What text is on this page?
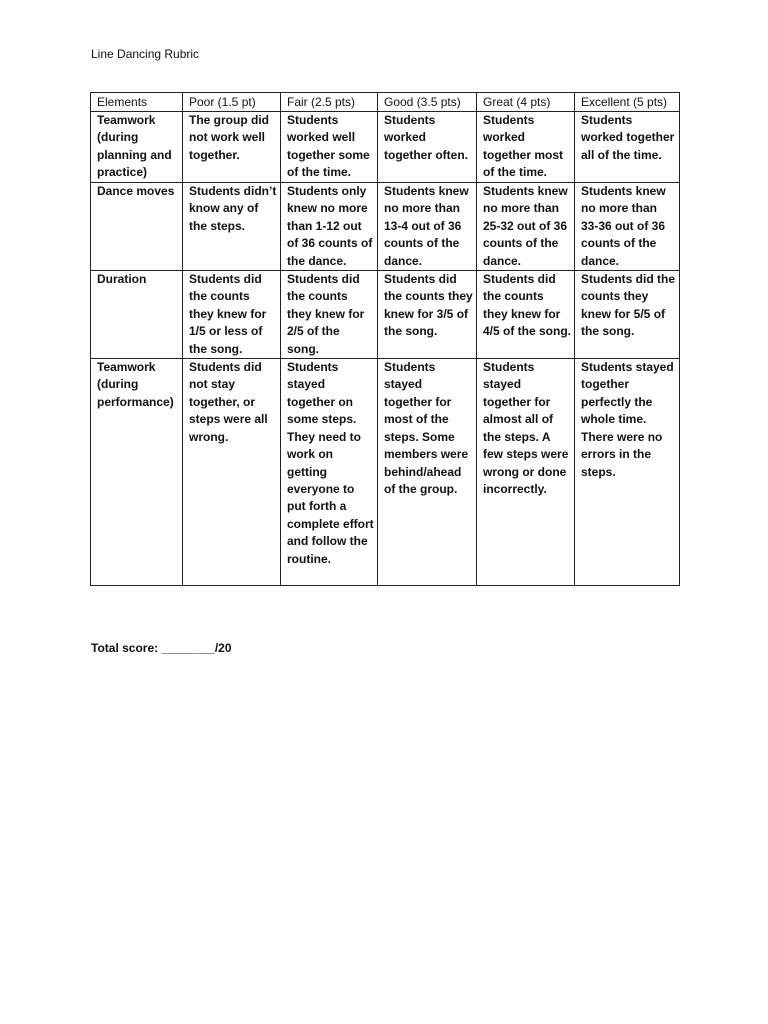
Line Dancing Rubric
Elements	Poor (1.5 pt)	Fair (2.5 pts)	Good (3.5 pts)	Great (4 pts)	Excellent (5 pts)
Teamwork (during planning and practice)	The group did not work well together.	Students worked well together some of the time.	Students worked together often.	Students worked together most of the time.	Students worked together all of the time.
Dance moves	Students didn’t know any of the steps.	Students only knew no more than 1-12 out of 36 counts of the dance.	Students knew no more than 13-4 out of 36 counts of the dance.	Students knew no more than 25-32 out of 36 counts of the dance.	Students knew no more than 33-36 out of 36 counts of the dance.
Duration	Students did the counts they knew for 1/5 or less of the song.	Students did the counts they knew for 2/5 of the song.	Students did the counts they knew for 3/5 of the song.	Students did the counts they knew for 4/5 of the song.	Students did the counts they knew for 5/5 of the song.
Teamwork (during performance)	Students did not stay together, or steps were all wrong.	Students stayed together on some steps. They need to work on getting everyone to put forth a complete effort and follow the routine.	Students stayed together for most of the steps. Some members were behind/ahead of the group.	Students stayed together for almost all of the steps. A few steps were wrong or done incorrectly.	Students stayed together perfectly the whole time. There were no errors in the steps.
Total score: ________/20
